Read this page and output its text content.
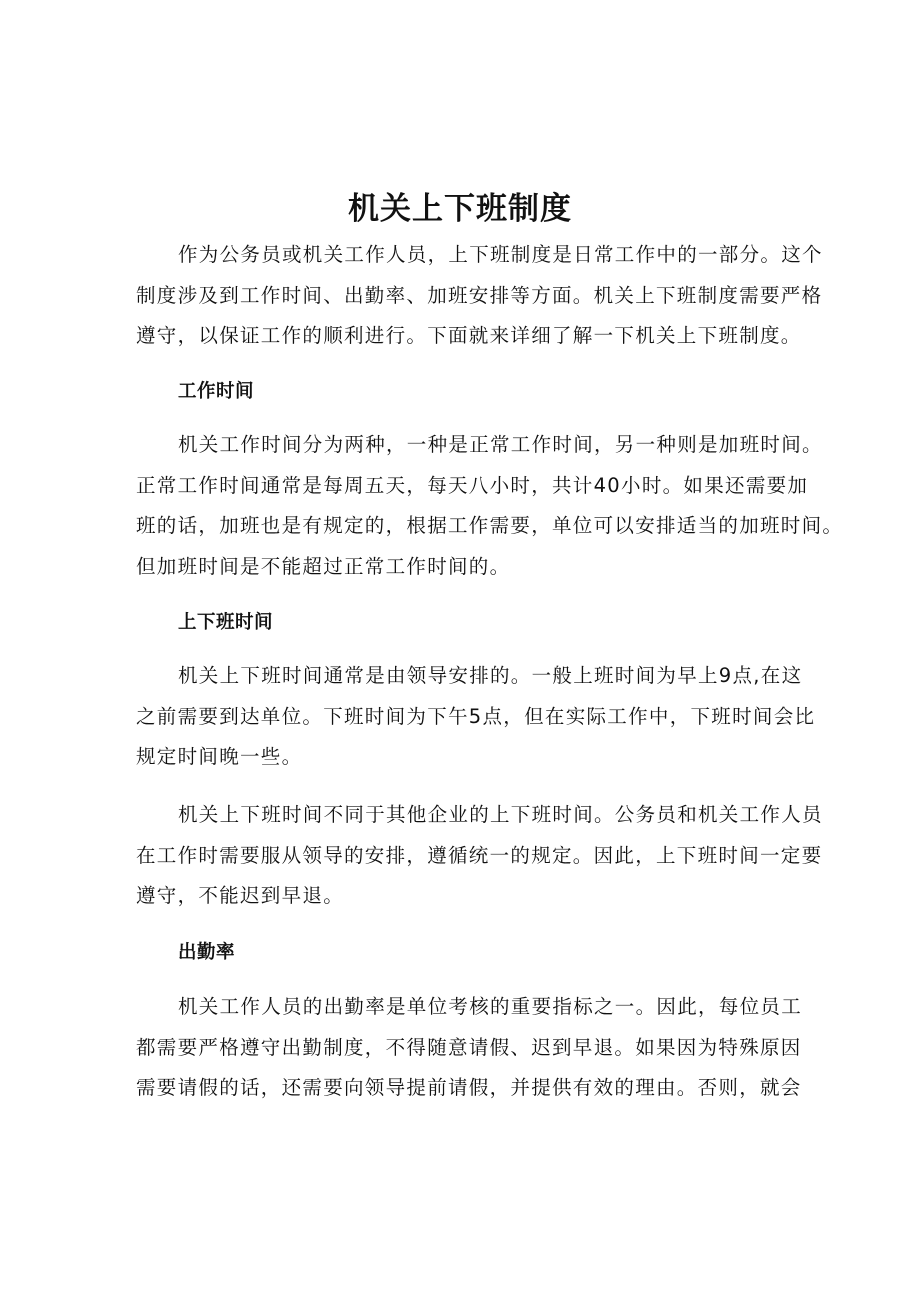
机关上下班制度
作为公务员或机关工作人员，上下班制度是日常工作中的一部分。这个
制度涉及到工作时间、出勤率、加班安排等方面。机关上下班制度需要严格
遵守，以保证工作的顺利进行。下面就来详细了解一下机关上下班制度。
工作时间
机关工作时间分为两种，一种是正常工作时间，另一种则是加班时间。
正常工作时间通常是每周五天，每天八小时，共计40小时。如果还需要加
班的话，加班也是有规定的，根据工作需要，单位可以安排适当的加班时间。
但加班时间是不能超过正常工作时间的。
上下班时间
机关上下班时间通常是由领导安排的。一般上班时间为早上9点,在这
之前需要到达单位。下班时间为下午5点，但在实际工作中，下班时间会比
规定时间晚一些。
机关上下班时间不同于其他企业的上下班时间。公务员和机关工作人员
在工作时需要服从领导的安排，遵循统一的规定。因此，上下班时间一定要
遵守，不能迟到早退。
出勤率
机关工作人员的出勤率是单位考核的重要指标之一。因此，每位员工
都需要严格遵守出勤制度，不得随意请假、迟到早退。如果因为特殊原因
需要请假的话，还需要向领导提前请假，并提供有效的理由。否则，就会
